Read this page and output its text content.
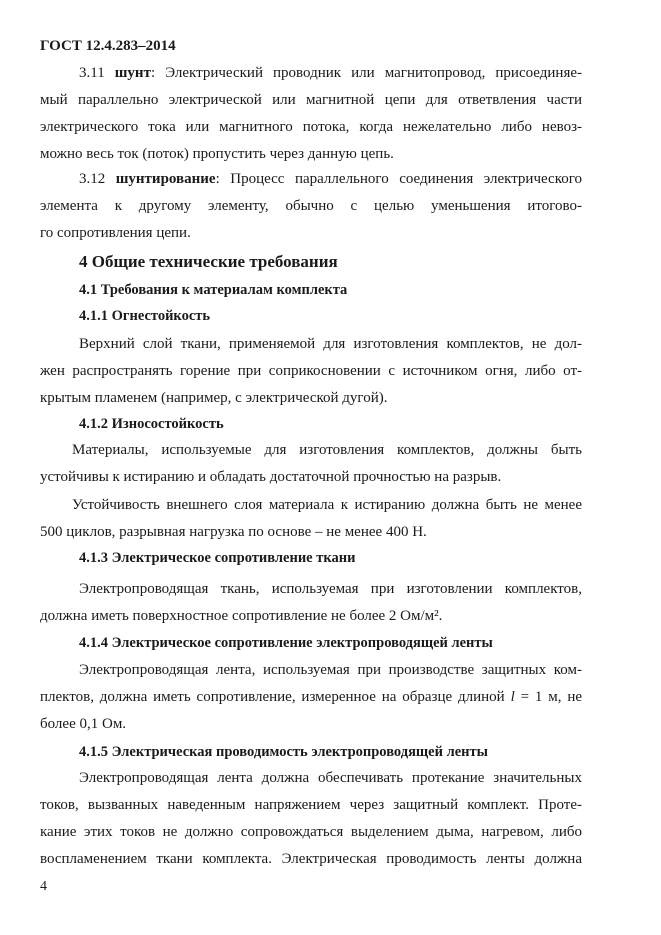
ГОСТ 12.4.283–2014

3.11 шунт: Электрический проводник или магнитопровод, присоединяе-
мый параллельно электрической или магнитной цепи для ответвления части
электрического тока или магнитного потока, когда нежелательно либо невоз-
можно весь ток (поток) пропустить через данную цепь.
3.12 шунтирование: Процесс параллельного соединения электрического
элемента к другому элементу, обычно с целью уменьшения итогово-
го сопротивления цепи.
4 Общие технические требования
4.1 Требования к материалам комплекта
4.1.1 Огнестойкость
Верхний слой ткани, применяемой для изготовления комплектов, не дол-
жен распространять горение при соприкосновении с источником огня, либо от-
крытым пламенем (например, с электрической дугой).
4.1.2 Износостойкость
Материалы, используемые для изготовления комплектов, должны быть
устойчивы к истиранию и обладать достаточной прочностью на разрыв.
Устойчивость внешнего слоя материала к истиранию должна быть не менее
500 циклов, разрывная нагрузка по основе – не менее 400 Н.
4.1.3 Электрическое сопротивление ткани
Электропроводящая ткань, используемая при изготовлении комплектов,
должна иметь поверхностное сопротивление не более 2 Ом/м².
4.1.4 Электрическое сопротивление электропроводящей ленты
Электропроводящая лента, используемая при производстве защитных ком-
плектов, должна иметь сопротивление, измеренное на образце длиной l = 1 м, не
более 0,1 Ом.
4.1.5 Электрическая проводимость электропроводящей ленты
Электропроводящая лента должна обеспечивать протекание значительных
токов, вызванных наведенным напряжением через защитный комплект. Проте-
кание этих токов не должно сопровождаться выделением дыма, нагревом, либо
воспламенением ткани комплекта. Электрическая проводимость ленты должна

4
